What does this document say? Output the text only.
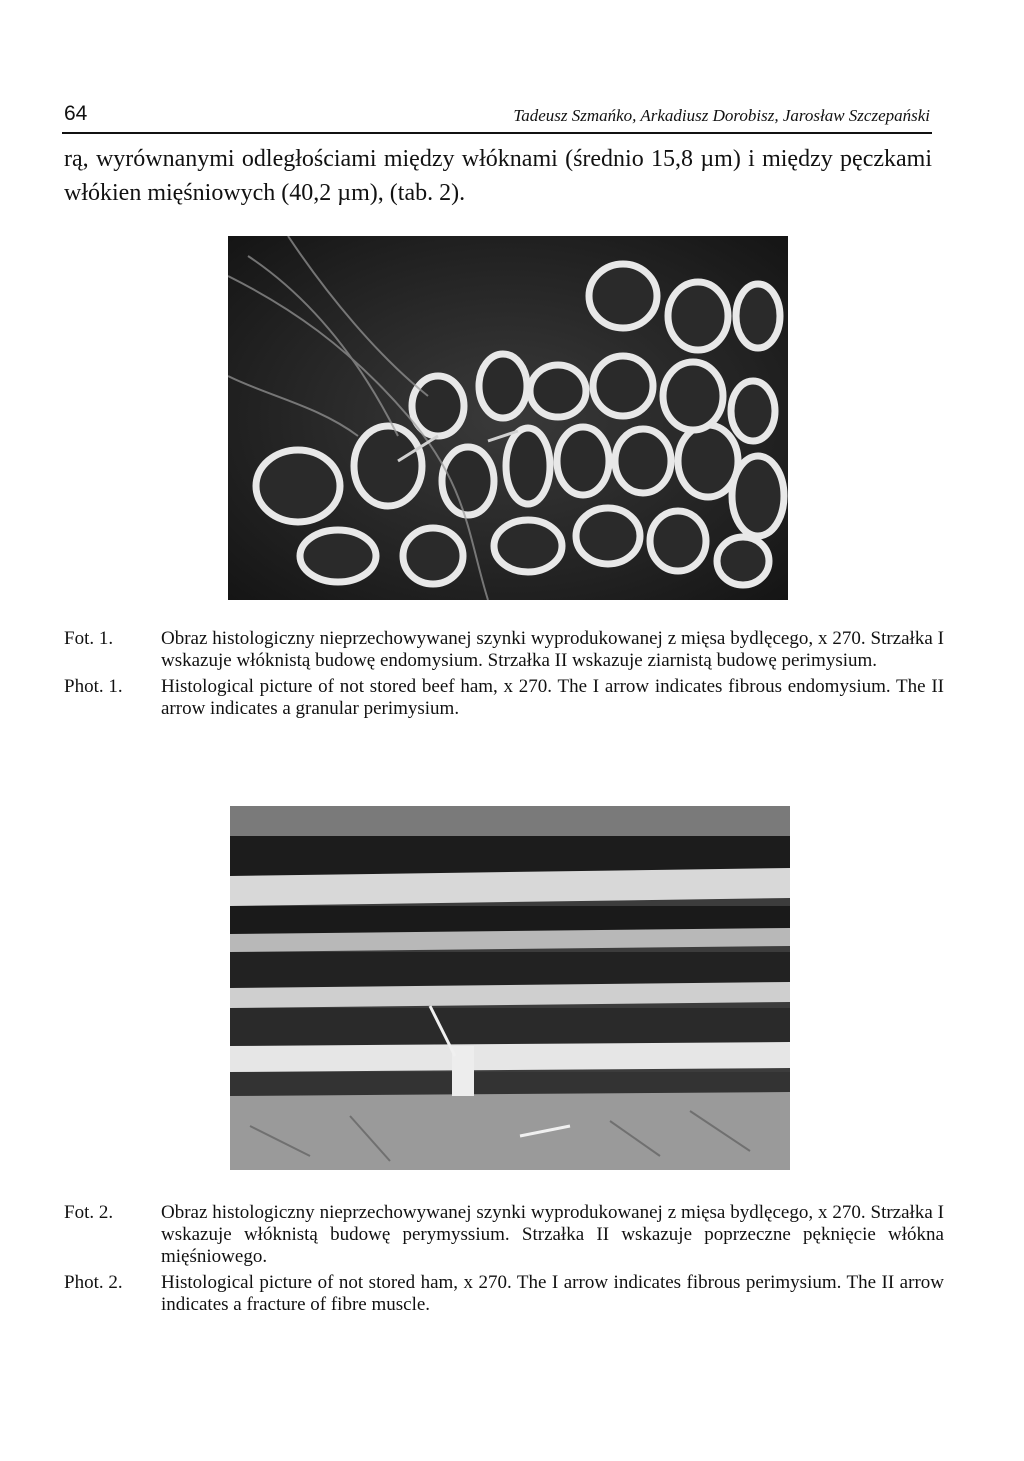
64	Tadeusz Szmańko, Arkadiusz Dorobisz, Jarosław Szczepański

rą, wyrównanymi odległościami między włóknami (średnio 15,8 µm) i między pęczkami włókien mięśniowych (40,2 µm), (tab. 2).

Fot. 1.	Obraz histologiczny nieprzechowywanej szynki wyprodukowanej z mięsa bydlęcego, x 270. Strzałka I wskazuje włóknistą budowę endomysium. Strzałka II wskazuje ziarnistą budowę perimysium.
Phot. 1.	Histological picture of not stored beef ham, x 270. The I arrow indicates fibrous endomysium. The II arrow indicates a granular perimysium.
Fot. 2.	Obraz histologiczny nieprzechowywanej szynki wyprodukowanej z mięsa bydlęcego, x 270. Strzałka I wskazuje włóknistą budowę perymyssium. Strzałka II wskazuje poprzeczne pęknięcie włókna mięśniowego.
Phot. 2.	Histological picture of not stored ham, x 270. The I arrow indicates fibrous perimysium. The II arrow indicates a fracture of fibre muscle.
